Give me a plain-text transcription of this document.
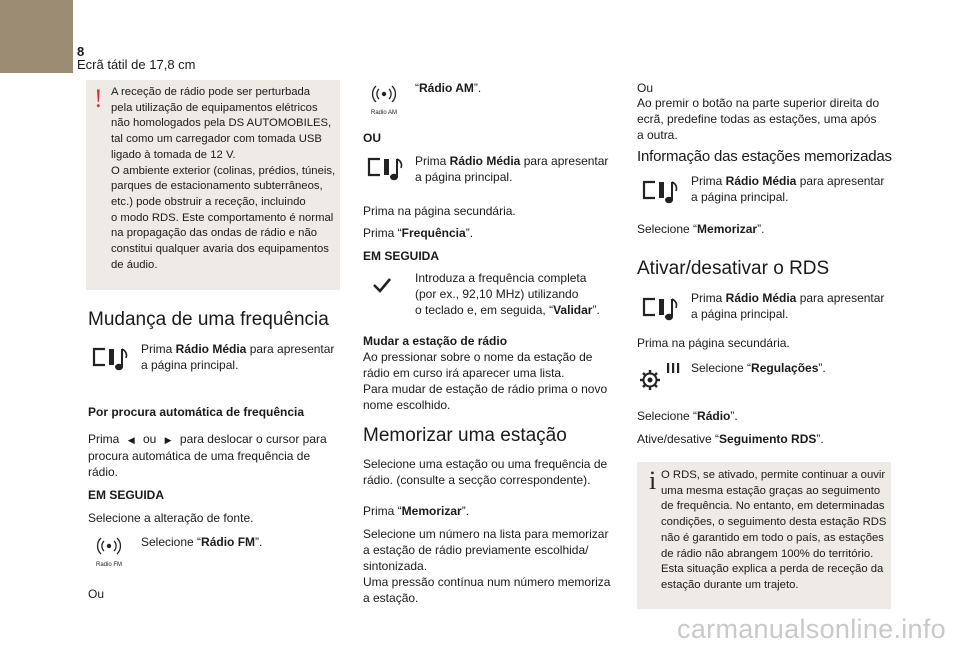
8
Ecrã tátil de 17,8 cm
! A receção de rádio pode ser perturbada
pela utilização de equipamentos elétricos
não homologados pela DS AUTOMOBILES,
tal como um carregador com tomada USB
ligado à tomada de 12 V.
O ambiente exterior (colinas, prédios, túneis,
parques de estacionamento subterrâneos,
etc.) pode obstruir a receção, incluindo
o modo RDS. Este comportamento é normal
na propagação das ondas de rádio e não
constitui qualquer avaria dos equipamentos
de áudio.
Mudança de uma frequência
Prima Rádio Média para apresentar
a página principal.
Por procura automática de frequência
Prima ◀ ou ▶ para deslocar o cursor para
procura automática de uma frequência de
rádio.
EM SEGUIDA
Selecione a alteração de fonte.
Radio FM
Selecione “Rádio FM”.
Ou
Radio AM
“Rádio AM”.
OU
Prima Rádio Média para apresentar
a página principal.
Prima na página secundária.
Prima “Frequência”.
EM SEGUIDA
Introduza a frequência completa
(por ex., 92,10 MHz) utilizando
o teclado e, em seguida, “Validar”.
Mudar a estação de rádio
Ao pressionar sobre o nome da estação de
rádio em curso irá aparecer uma lista.
Para mudar de estação de rádio prima o novo
nome escolhido.
Memorizar uma estação
Selecione uma estação ou uma frequência de
rádio. (consulte a secção correspondente).
Prima “Memorizar”.
Selecione um número na lista para memorizar
a estação de rádio previamente escolhida/
sintonizada.
Uma pressão contínua num número memoriza
a estação.
Ou
Ao premir o botão na parte superior direita do
ecrã, predefine todas as estações, uma após
a outra.
Informação das estações memorizadas
Prima Rádio Média para apresentar
a página principal.
Selecione “Memorizar”.
Ativar/desativar o RDS
Prima Rádio Média para apresentar
a página principal.
Prima na página secundária.
Selecione “Regulações”.
Selecione “Rádio”.
Ative/desative “Seguimento RDS”.
i O RDS, se ativado, permite continuar a ouvir
uma mesma estação graças ao seguimento
de frequência. No entanto, em determinadas
condições, o seguimento desta estação RDS
não é garantido em todo o país, as estações
de rádio não abrangem 100% do território.
Esta situação explica a perda de receção da
estação durante um trajeto.
carmanualsonline.info
